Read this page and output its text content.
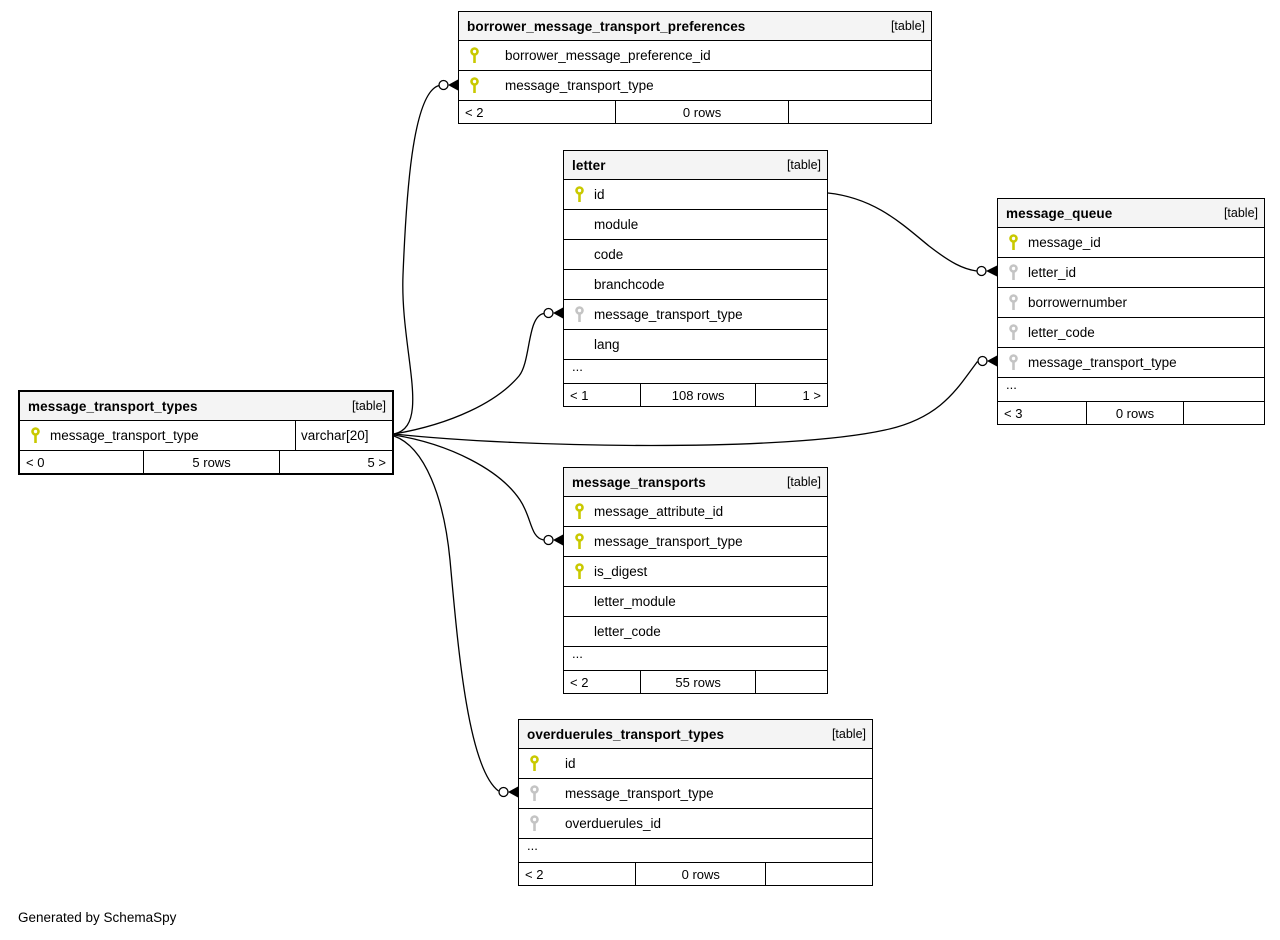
borrower_message_transport_preferences	[table]
borrower_message_preference_id
message_transport_type
< 2	0 rows
letter	[table]
id
module
code
branchcode
message_transport_type
lang
...
< 1	108 rows	1 >
message_queue	[table]
message_id
letter_id
borrowernumber
letter_code
message_transport_type
...
< 3	0 rows
message_transport_types	[table]
message_transport_type	varchar[20]
< 0	5 rows	5 >
message_transports	[table]
message_attribute_id
message_transport_type
is_digest
letter_module
letter_code
...
< 2	55 rows
overduerules_transport_types	[table]
id
message_transport_type
overduerules_id
...
< 2	0 rows
Generated by SchemaSpy
